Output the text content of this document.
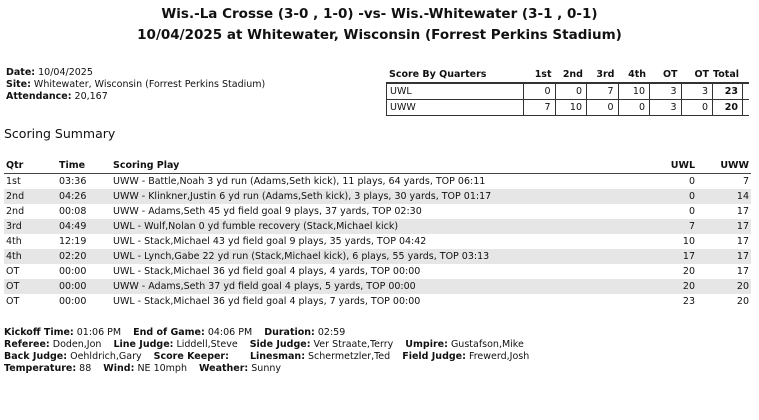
Wis.-La Crosse (3-0 , 1-0) -vs- Wis.-Whitewater (3-1 , 0-1)
10/04/2025 at Whitewater, Wisconsin (Forrest Perkins Stadium)
Date: 10/04/2025
Site: Whitewater, Wisconsin (Forrest Perkins Stadium)
Attendance: 20,167
Score By Quarters	1st	2nd	3rd	4th	OT	OT Total
UWL	0	0	7	10	3	3	23
UWW	7	10	0	0	3	0	20
Scoring Summary
Qtr	Time	Scoring Play	UWL	UWW
1st	03:36	UWW - Battle,Noah 3 yd run (Adams,Seth kick), 11 plays, 64 yards, TOP 06:11	0	7
2nd	04:26	UWW - Klinkner,Justin 6 yd run (Adams,Seth kick), 3 plays, 30 yards, TOP 01:17	0	14
2nd	00:08	UWW - Adams,Seth 45 yd field goal 9 plays, 37 yards, TOP 02:30	0	17
3rd	04:49	UWL - Wulf,Nolan 0 yd fumble recovery (Stack,Michael kick)	7	17
4th	12:19	UWL - Stack,Michael 43 yd field goal 9 plays, 35 yards, TOP 04:42	10	17
4th	02:20	UWL - Lynch,Gabe 22 yd run (Stack,Michael kick), 6 plays, 55 yards, TOP 03:13	17	17
OT	00:00	UWL - Stack,Michael 36 yd field goal 4 plays, 4 yards, TOP 00:00	20	17
OT	00:00	UWW - Adams,Seth 37 yd field goal 4 plays, 5 yards, TOP 00:00	20	20
OT	00:00	UWL - Stack,Michael 36 yd field goal 4 plays, 7 yards, TOP 00:00	23	20
Kickoff Time: 01:06 PM End of Game: 04:06 PM Duration: 02:59
Referee: Doden,Jon Line Judge: Liddell,Steve Side Judge: Ver Straate,Terry Umpire: Gustafson,Mike
Back Judge: Oehldrich,Gary Score Keeper: Linesman: Schermetzler,Ted Field Judge: Frewerd,Josh
Temperature: 88 Wind: NE 10mph Weather: Sunny
